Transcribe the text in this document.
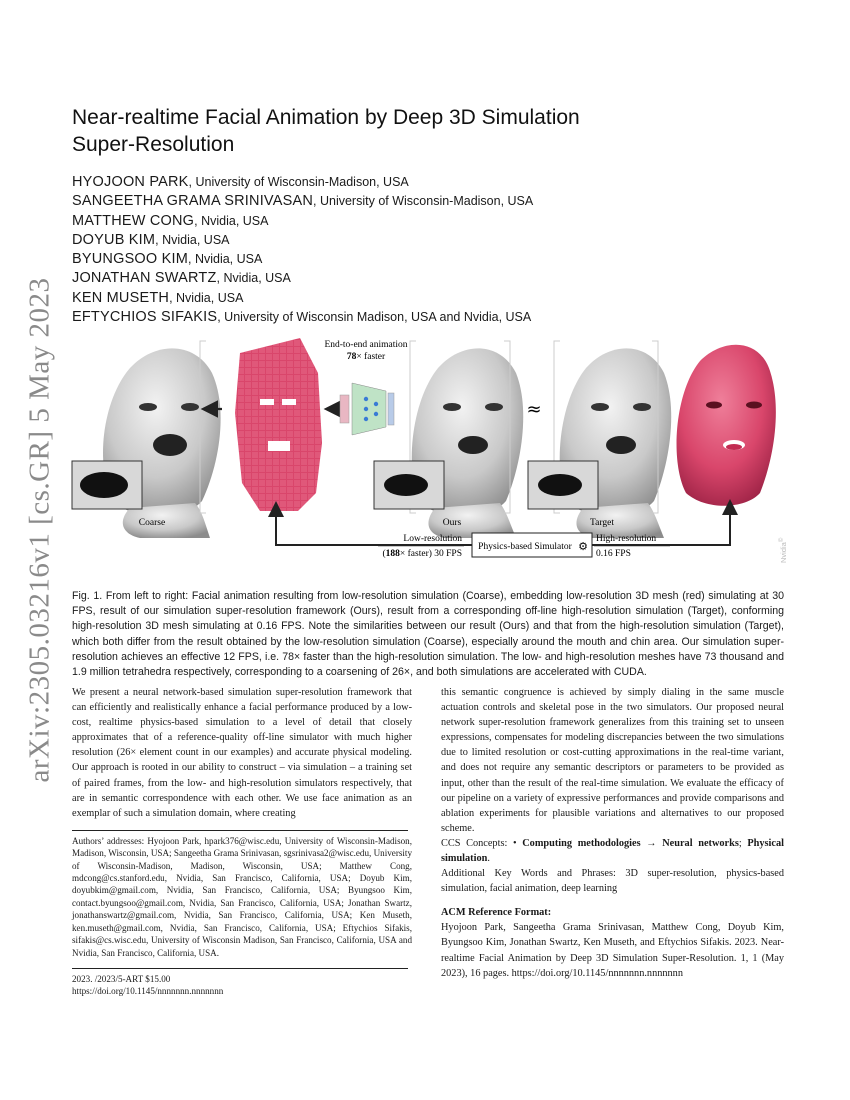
arXiv:2305.03216v1 [cs.GR] 5 May 2023
Near-realtime Facial Animation by Deep 3D Simulation
Super-Resolution
HYOJOON PARK, University of Wisconsin-Madison, USA
SANGEETHA GRAMA SRINIVASAN, University of Wisconsin-Madison, USA
MATTHEW CONG, Nvidia, USA
DOYUB KIM, Nvidia, USA
BYUNGSOO KIM, Nvidia, USA
JONATHAN SWARTZ, Nvidia, USA
KEN MUSETH, Nvidia, USA
EFTYCHIOS SIFAKIS, University of Wisconsin Madison, USA and Nvidia, USA
Coarse
End-to-end animation
78× faster
Ours
≈
Target
Physics-based Simulator ⚙
Low-resolution
(188× faster) 30 FPS
High-resolution
0.16 FPS	Nvidia©

Fig. 1. From left to right: Facial animation resulting from low-resolution simulation (Coarse), embedding low-resolution 3D mesh (red) simulating at 30 FPS, result of our simulation super-resolution framework (Ours), result from a corresponding off-line high-resolution simulation (Target), conforming high-resolution 3D mesh simulating at 0.16 FPS. Note the similarities between our result (Ours) and that from the high-resolution simulation (Target), which both differ from the result obtained by the low-resolution simulation (Coarse), especially around the mouth and chin area. Our simulation super-resolution achieves an effective 12 FPS, i.e. 78× faster than the high-resolution simulation. The low- and high-resolution meshes have 73 thousand and 1.9 million tetrahedra respectively, corresponding to a coarsening of 26×, and both simulations are accelerated with CUDA.

We present a neural network-based simulation super-resolution framework that can efficiently and realistically enhance a facial performance produced by a low-cost, realtime physics-based simulation to a level of detail that closely approximates that of a reference-quality off-line simulator with much higher resolution (26× element count in our examples) and accurate physical modeling. Our approach is rooted in our ability to construct – via simulation – a training set of paired frames, from the low- and high-resolution simulators respectively, that are in semantic correspondence with each other. We use face animation as an exemplar of such a simulation domain, where creating

Authors’ addresses: Hyojoon Park, hpark376@wisc.edu, University of Wisconsin-Madison, Madison, Wisconsin, USA; Sangeetha Grama Srinivasan, sgsrinivasa2@wisc.edu, University of Wisconsin-Madison, Madison, Wisconsin, USA; Matthew Cong, mdcong@cs.stanford.edu, Nvidia, San Francisco, California, USA; Doyub Kim, doyubkim@gmail.com, Nvidia, San Francisco, California, USA; Byungsoo Kim, contact.byungsoo@gmail.com, Nvidia, San Francisco, California, USA; Jonathan Swartz, jonathanswartz@gmail.com, Nvidia, San Francisco, California, USA; Ken Museth, ken.museth@gmail.com, Nvidia, San Francisco, California, USA; Eftychios Sifakis, sifakis@cs.wisc.edu, University of Wisconsin Madison, San Francisco, California, USA and Nvidia, San Francisco, California, USA.

2023. /2023/5-ART $15.00
https://doi.org/10.1145/nnnnnnn.nnnnnnn

this semantic congruence is achieved by simply dialing in the same muscle actuation controls and skeletal pose in the two simulators. Our proposed neural network super-resolution framework generalizes from this training set to unseen expressions, compensates for modeling discrepancies between the two simulations due to limited resolution or cost-cutting approximations in the real-time variant, and does not require any semantic descriptors or parameters to be provided as input, other than the result of the real-time simulation. We evaluate the efficacy of our pipeline on a variety of expressive performances and provide comparisons and ablation experiments for plausible variations and alternatives to our proposed scheme.

CCS Concepts: • Computing methodologies → Neural networks; Physical simulation.

Additional Key Words and Phrases: 3D super-resolution, physics-based simulation, facial animation, deep learning

ACM Reference Format:

Hyojoon Park, Sangeetha Grama Srinivasan, Matthew Cong, Doyub Kim, Byungsoo Kim, Jonathan Swartz, Ken Museth, and Eftychios Sifakis. 2023. Near-realtime Facial Animation by Deep 3D Simulation Super-Resolution. 1, 1 (May 2023), 16 pages. https://doi.org/10.1145/nnnnnnn.nnnnnnn
